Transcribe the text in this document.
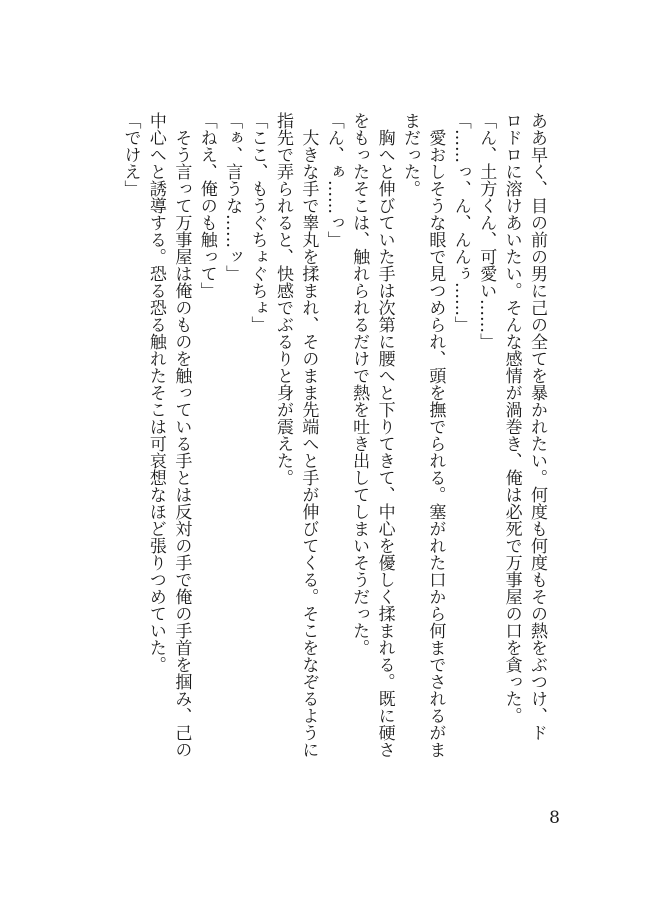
ああ早く、目の前の男に己の全てを暴かれたい。何度も何度もその熱をぶつけ、ド

ロドロに溶けあいたい。そんな感情が渦巻き、俺は必死で万事屋の口を貪った。

「ん、土方くん、可愛い……」

「……っ、ん、んんぅ……」

　愛おしそうな眼で見つめられ、頭を撫でられる。塞がれた口から何までされるがま

まだった。

　胸へと伸びていた手は次第に腰へと下りてきて、中心を優しく揉まれる。既に硬さ

をもったそこは、触れられるだけで熱を吐き出してしまいそうだった。

「ん、ぁ……っ」

　大きな手で睾丸を揉まれ、そのまま先端へと手が伸びてくる。そこをなぞるように

指先で弄られると、快感でぶるりと身が震えた。

「ここ、もうぐちょぐちょ」

「ぁ、言うな……ッ」

「ねえ、俺のも触って」

　そう言って万事屋は俺のものを触っている手とは反対の手で俺の手首を掴み、己の

中心へと誘導する。恐る恐る触れたそこは可哀想なほど張りつめていた。

「でけえ」

8
